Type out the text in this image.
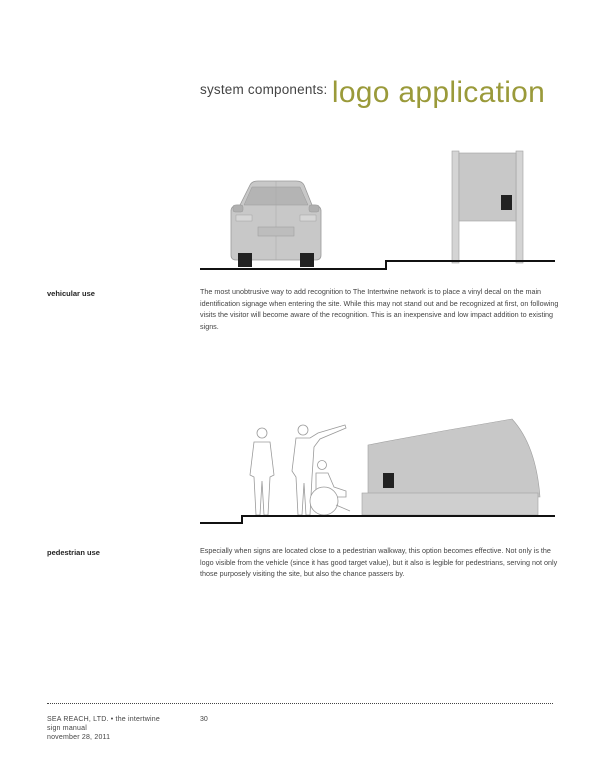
$^{system components:}$ logo application
vehicular use	The most unobtrusive way to add recognition to The Intertwine network is to place a vinyl decal on the main identification signage when entering the site. While this may not stand out and be recognized at first, on following visits the visitor will become aware of the recognition. This is an inexpensive and low impact addition to existing signs.

pedestrian use	Especially when signs are located close to a pedestrian walkway, this option becomes effective. Not only is the logo visible from the vehicle (since it has good target value), but it also is legible for pedestrians, serving not only those purposely visiting the site, but also the chance passers by.

SEA REACH, LTD. • the intertwine
sign manual
november 28, 2011
30
